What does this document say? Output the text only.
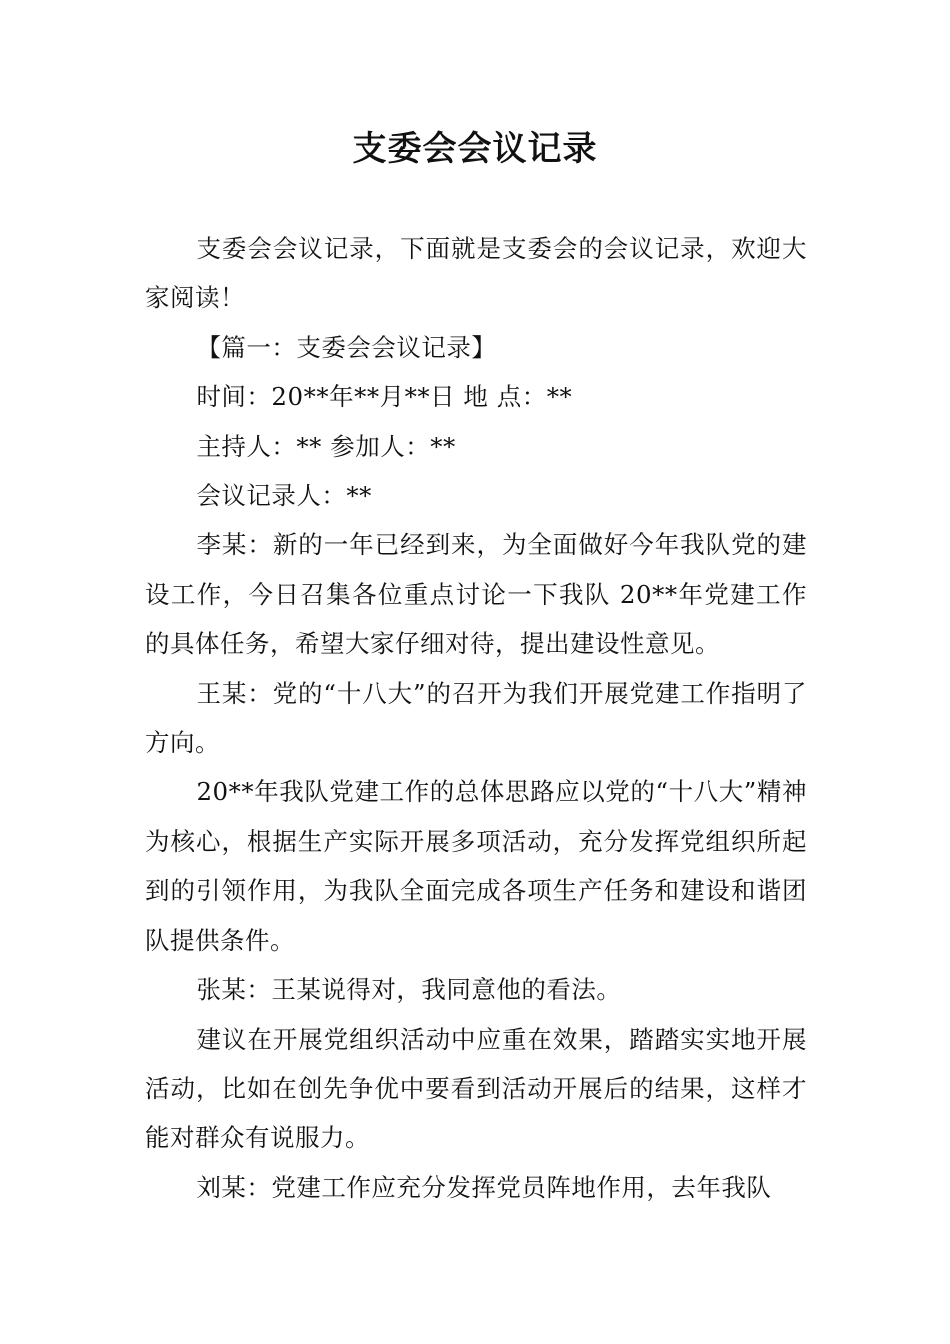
支委会会议记录

支委会会议记录，下面就是支委会的会议记录，欢迎大家阅读！

【篇一：支委会会议记录】

时间：20**年**月**日 地 点：**

主持人：** 参加人：**

会议记录人：**

李某：新的一年已经到来，为全面做好今年我队党的建设工作，今日召集各位重点讨论一下我队 20**年党建工作的具体任务，希望大家仔细对待，提出建设性意见。

王某：党的“十八大”的召开为我们开展党建工作指明了方向。

20**年我队党建工作的总体思路应以党的“十八大”精神为核心，根据生产实际开展多项活动，充分发挥党组织所起到的引领作用，为我队全面完成各项生产任务和建设和谐团队提供条件。

张某：王某说得对，我同意他的看法。

建议在开展党组织活动中应重在效果，踏踏实实地开展活动，比如在创先争优中要看到活动开展后的结果，这样才能对群众有说服力。

刘某：党建工作应充分发挥党员阵地作用，去年我队
